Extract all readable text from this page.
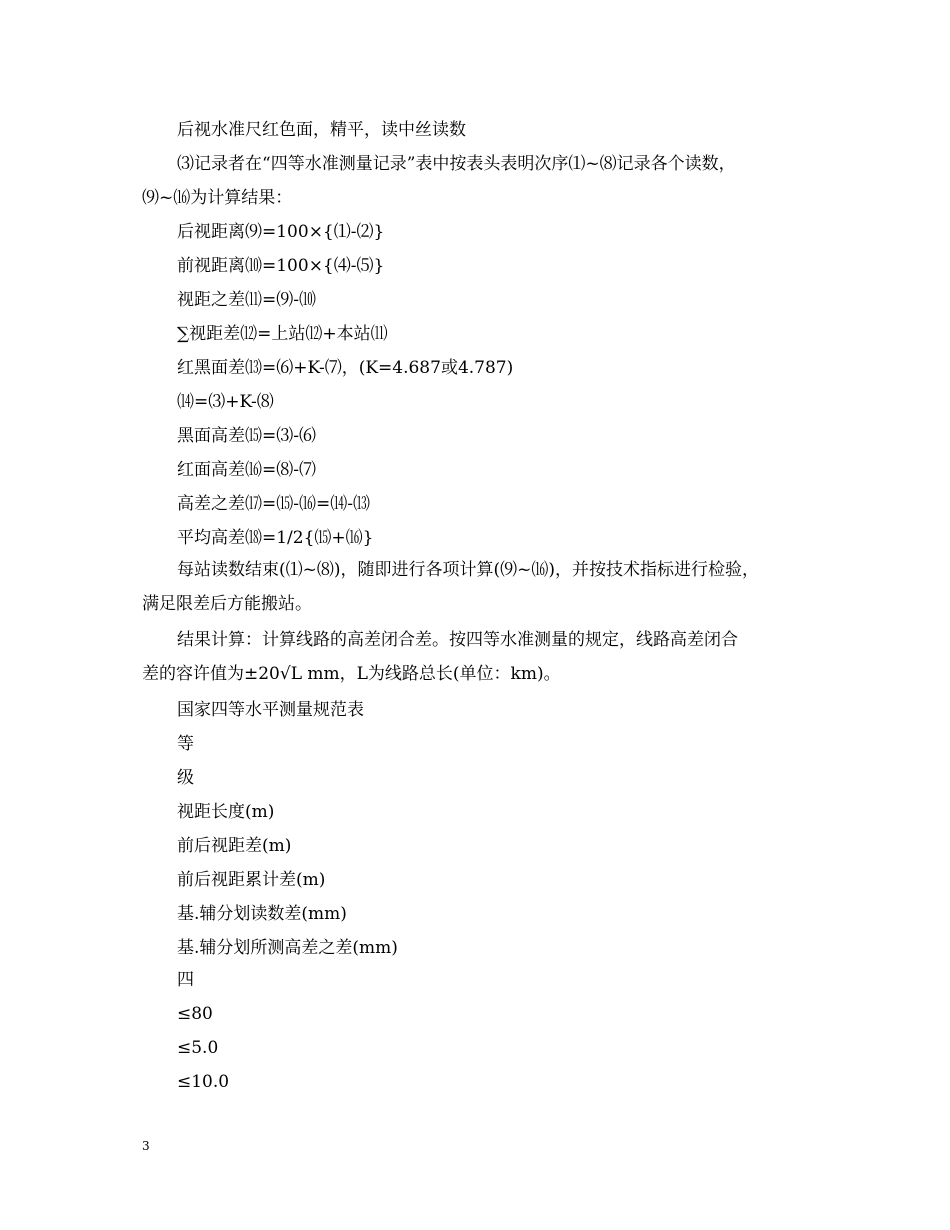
后视水准尺红色面，精平，读中丝读数
⑶记录者在“四等水准测量记录”表中按表头表明次序⑴~⑻记录各个读数，
⑼~⒃为计算结果：
后视距离⑼=100×{⑴-⑵}
前视距离⑽=100×{⑷-⑸}
视距之差⑾=⑼-⑽
∑视距差⑿=上站⑿+本站⑾
红黑面差⒀=⑹+K-⑺，(K=4.687或4.787)
⒁=⑶+K-⑻
黑面高差⒂=⑶-⑹
红面高差⒃=⑻-⑺
高差之差⒄=⒂-⒃=⒁-⒀
平均高差⒅=1/2{⒂+⒃}
每站读数结束(⑴~⑻)，随即进行各项计算(⑼~⒃)，并按技术指标进行检验，
满足限差后方能搬站。
结果计算：计算线路的高差闭合差。按四等水准测量的规定，线路高差闭合
差的容许值为±20√L mm，L为线路总长(单位：km)。
国家四等水平测量规范表
等
级
视距长度(m)
前后视距差(m)
前后视距累计差(m)
基.辅分划读数差(mm)
基.辅分划所测高差之差(mm)
四
≤80
≤5.0
≤10.0
3
